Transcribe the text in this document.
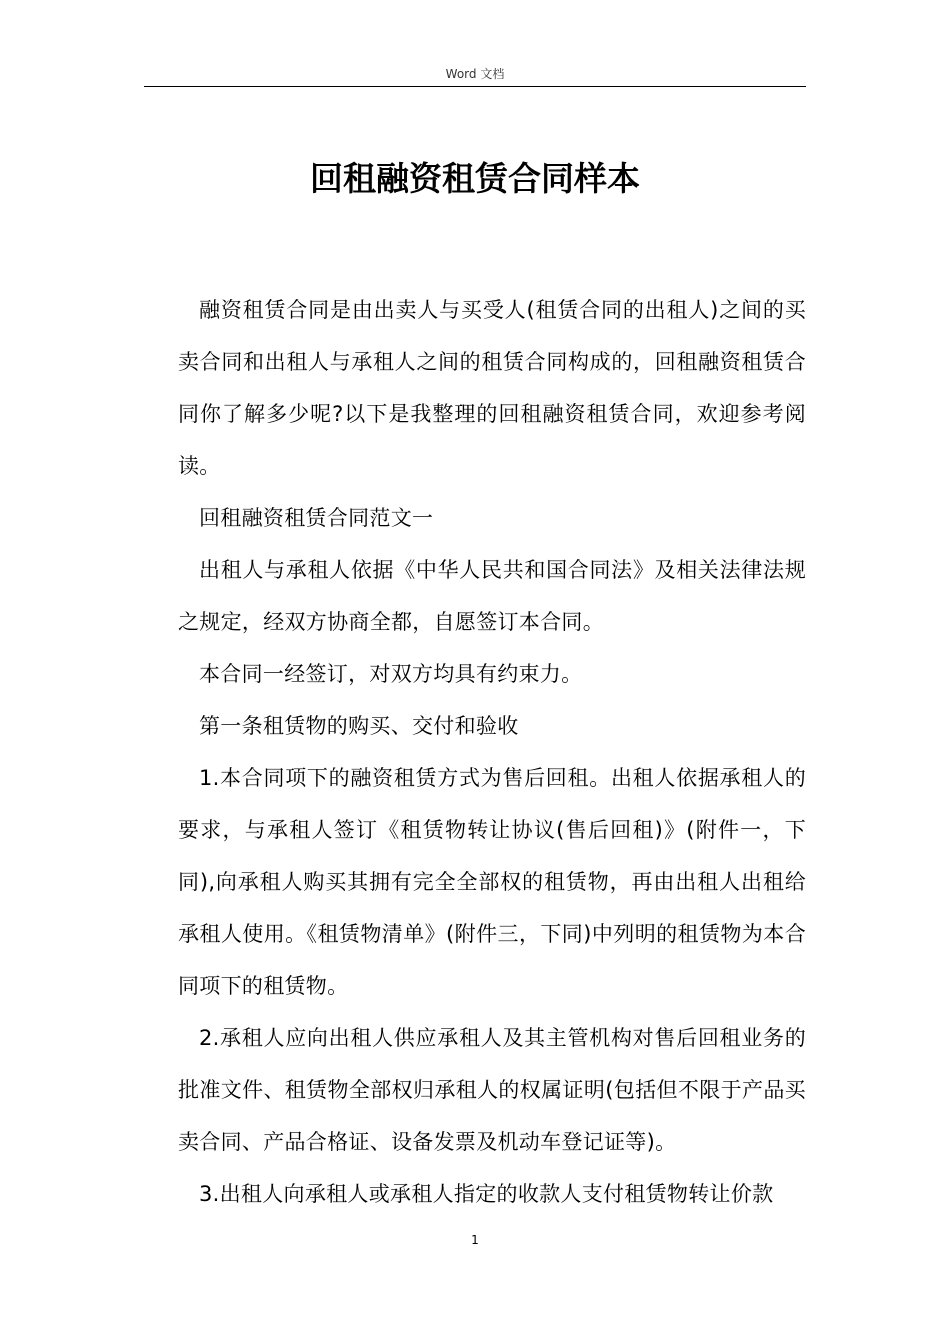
Word 文档
回租融资租赁合同样本

融资租赁合同是由出卖人与买受人(租赁合同的出租人)之间的买卖合同和出租人与承租人之间的租赁合同构成的，回租融资租赁合同你了解多少呢?以下是我整理的回租融资租赁合同，欢迎参考阅读。

回租融资租赁合同范文一

出租人与承租人依据《中华人民共和国合同法》及相关法律法规之规定，经双方协商全都，自愿签订本合同。

本合同一经签订，对双方均具有约束力。

第一条租赁物的购买、交付和验收

1.本合同项下的融资租赁方式为售后回租。出租人依据承租人的要求，与承租人签订《租赁物转让协议(售后回租)》(附件一，下同),向承租人购买其拥有完全全部权的租赁物，再由出租人出租给承租人使用。《租赁物清单》(附件三，下同)中列明的租赁物为本合同项下的租赁物。

2.承租人应向出租人供应承租人及其主管机构对售后回租业务的批准文件、租赁物全部权归承租人的权属证明(包括但不限于产品买卖合同、产品合格证、设备发票及机动车登记证等)。

3.出租人向承租人或承租人指定的收款人支付租赁物转让价款

1
